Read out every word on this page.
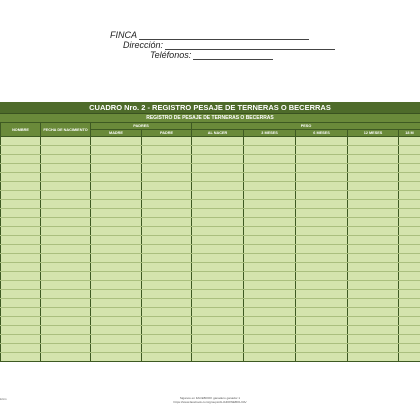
FINCA
Dirección:
Teléfonos:
CUADRO Nro. 2 - REGISTRO PESAJE DE TERNERAS O BECERRAS
REGISTRO DE PESAJE DE TERNERAS O BECERRAS
NOMBRE	FECHA DE NACIMIENTO	PADRES		PESO				
		MADRE	PADRE	AL NACER	3 MESES	6 MESES	12 MESES	18 M

EGG	Siganos en FACEBOOK ganadero ganador 1
https://www.facebook.com/groups/ALIADOWEBOLIVA/
